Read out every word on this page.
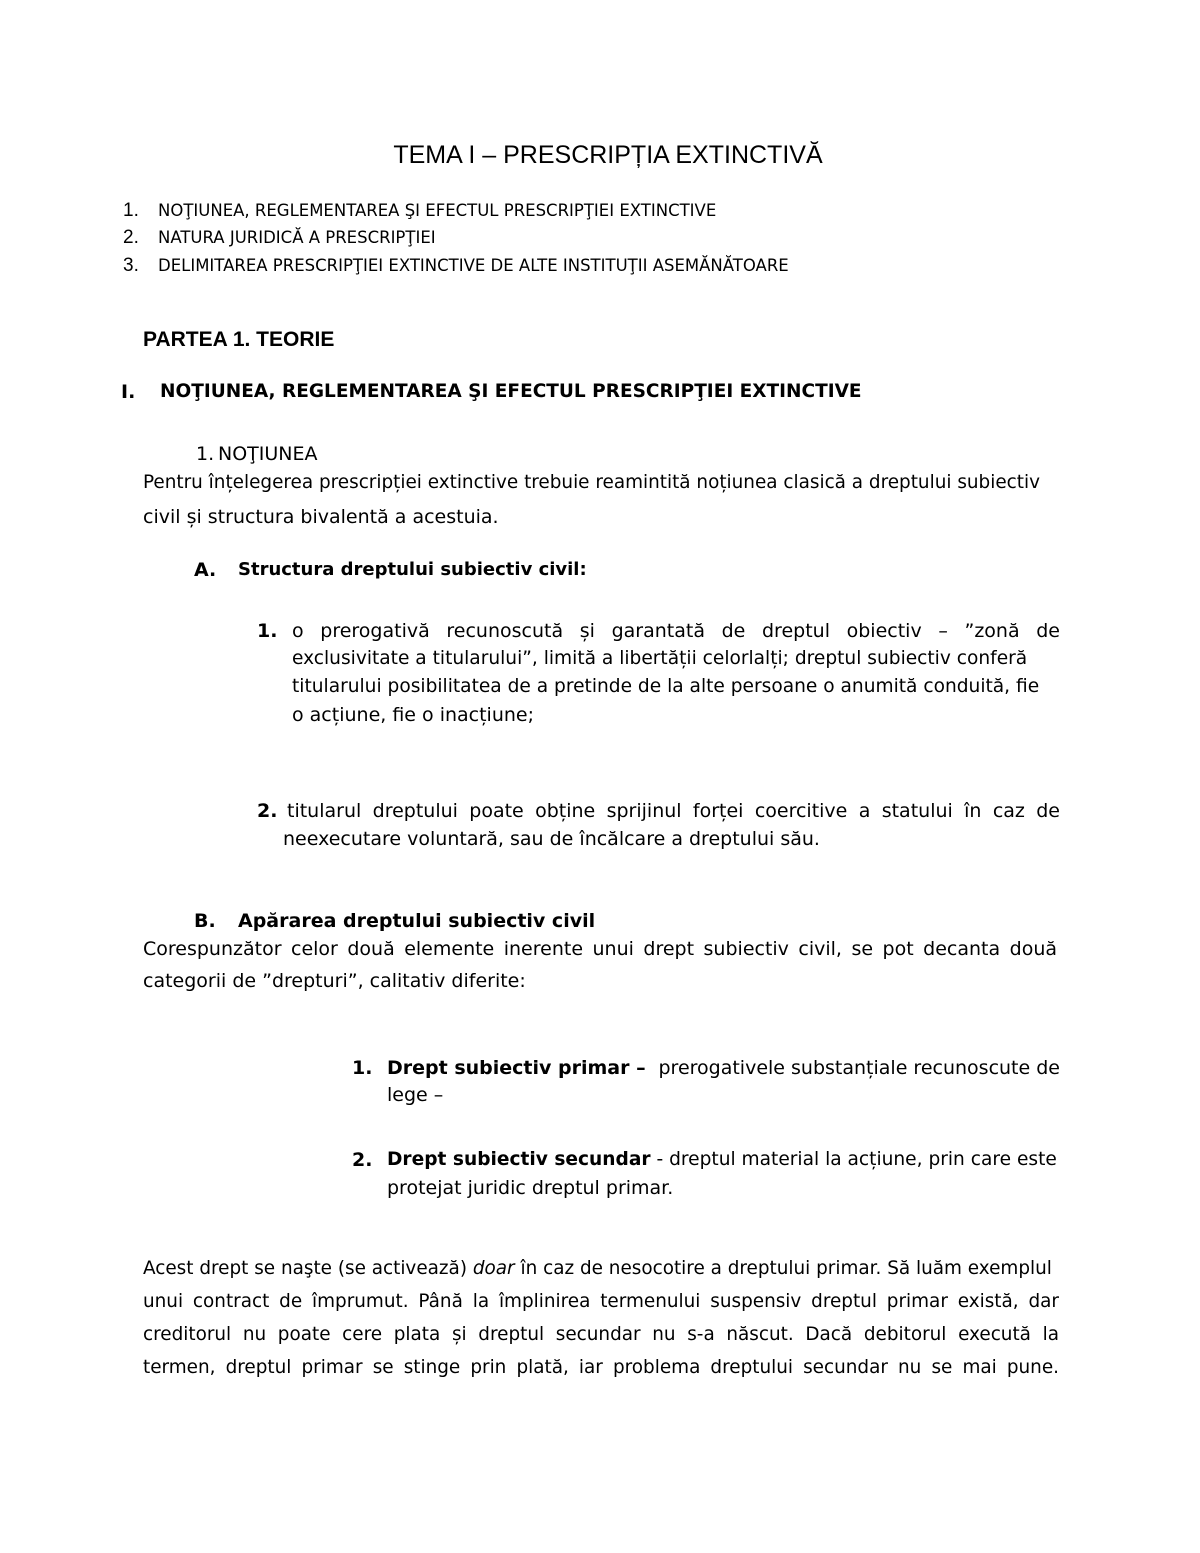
TEMA I – PRESCRIPȚIA EXTINCTIVĂ
1. NOŢIUNEA, REGLEMENTAREA ŞI EFECTUL PRESCRIPŢIEI EXTINCTIVE
2. NATURA JURIDICĂ A PRESCRIPŢIEI
3. DELIMITAREA PRESCRIPŢIEI EXTINCTIVE DE ALTE INSTITUŢII ASEMĂNĂTOARE
PARTEA 1. TEORIE
I. NOŢIUNEA, REGLEMENTAREA ŞI EFECTUL PRESCRIPŢIEI EXTINCTIVE
1. NOŢIUNEA
Pentru înțelegerea prescripției extinctive trebuie reamintită noțiunea clasică a dreptului subiectiv
civil și structura bivalentă a acestuia.
A. Structura dreptului subiectiv civil:
1. o prerogativă recunoscută și garantată de dreptul obiectiv – ”zonă de
exclusivitate a titularului”, limită a libertății celorlalți; dreptul subiectiv conferă
titularului posibilitatea de a pretinde de la alte persoane o anumită conduită, fie
o acțiune, fie o inacțiune;
2. titularul dreptului poate obține sprijinul forței coercitive a statului în caz de
neexecutare voluntară, sau de încălcare a dreptului său.
B. Apărarea dreptului subiectiv civil
Corespunzător celor două elemente inerente unui drept subiectiv civil, se pot decanta două
categorii de ”drepturi”, calitativ diferite:
1. Drept subiectiv primar – prerogativele substanțiale recunoscute de
lege –
2. Drept subiectiv secundar - dreptul material la acțiune, prin care este
protejat juridic dreptul primar.
Acest drept se naşte (se activează) doar în caz de nesocotire a dreptului primar. Să luăm exemplul
unui contract de împrumut. Până la împlinirea termenului suspensiv dreptul primar există, dar
creditorul nu poate cere plata și dreptul secundar nu s-a născut. Dacă debitorul execută la
termen, dreptul primar se stinge prin plată, iar problema dreptului secundar nu se mai pune.
